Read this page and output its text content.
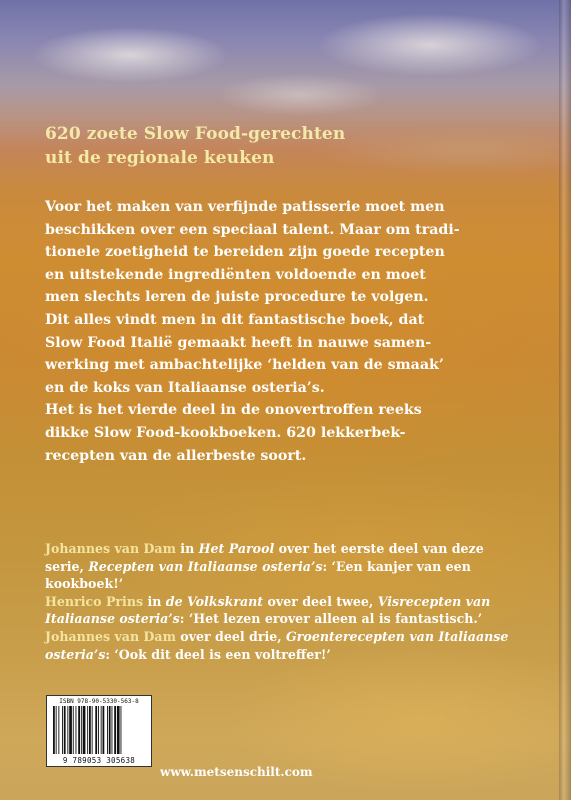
620 zoete Slow Food-gerechten
uit de regionale keuken
Voor het maken van verfijnde patisserie moet men
beschikken over een speciaal talent. Maar om tradi-
tionele zoetigheid te bereiden zijn goede recepten
en uitstekende ingrediënten voldoende en moet
men slechts leren de juiste procedure te volgen.
Dit alles vindt men in dit fantastische boek, dat
Slow Food Italië gemaakt heeft in nauwe samen-
werking met ambachtelijke ‘helden van de smaak’
en de koks van Italiaanse osteria’s.
Het is het vierde deel in de onovertroffen reeks
dikke Slow Food-kookboeken. 620 lekkerbek-
recepten van de allerbeste soort.

Johannes van Dam in Het Parool over het eerste deel van deze serie, Recepten van Italiaanse osteria’s: ‘Een kanjer van een kookboek!’

Henrico Prins in de Volkskrant over deel twee, Visrecepten van Italiaanse osteria’s: ‘Het lezen erover alleen al is fantastisch.’

Johannes van Dam over deel drie, Groenterecepten van Italiaanse osteria’s: ‘Ook dit deel is een voltreffer!’

ISBN 978-90-5330-563-8
9 789053 305638
www.metsenschilt.com
